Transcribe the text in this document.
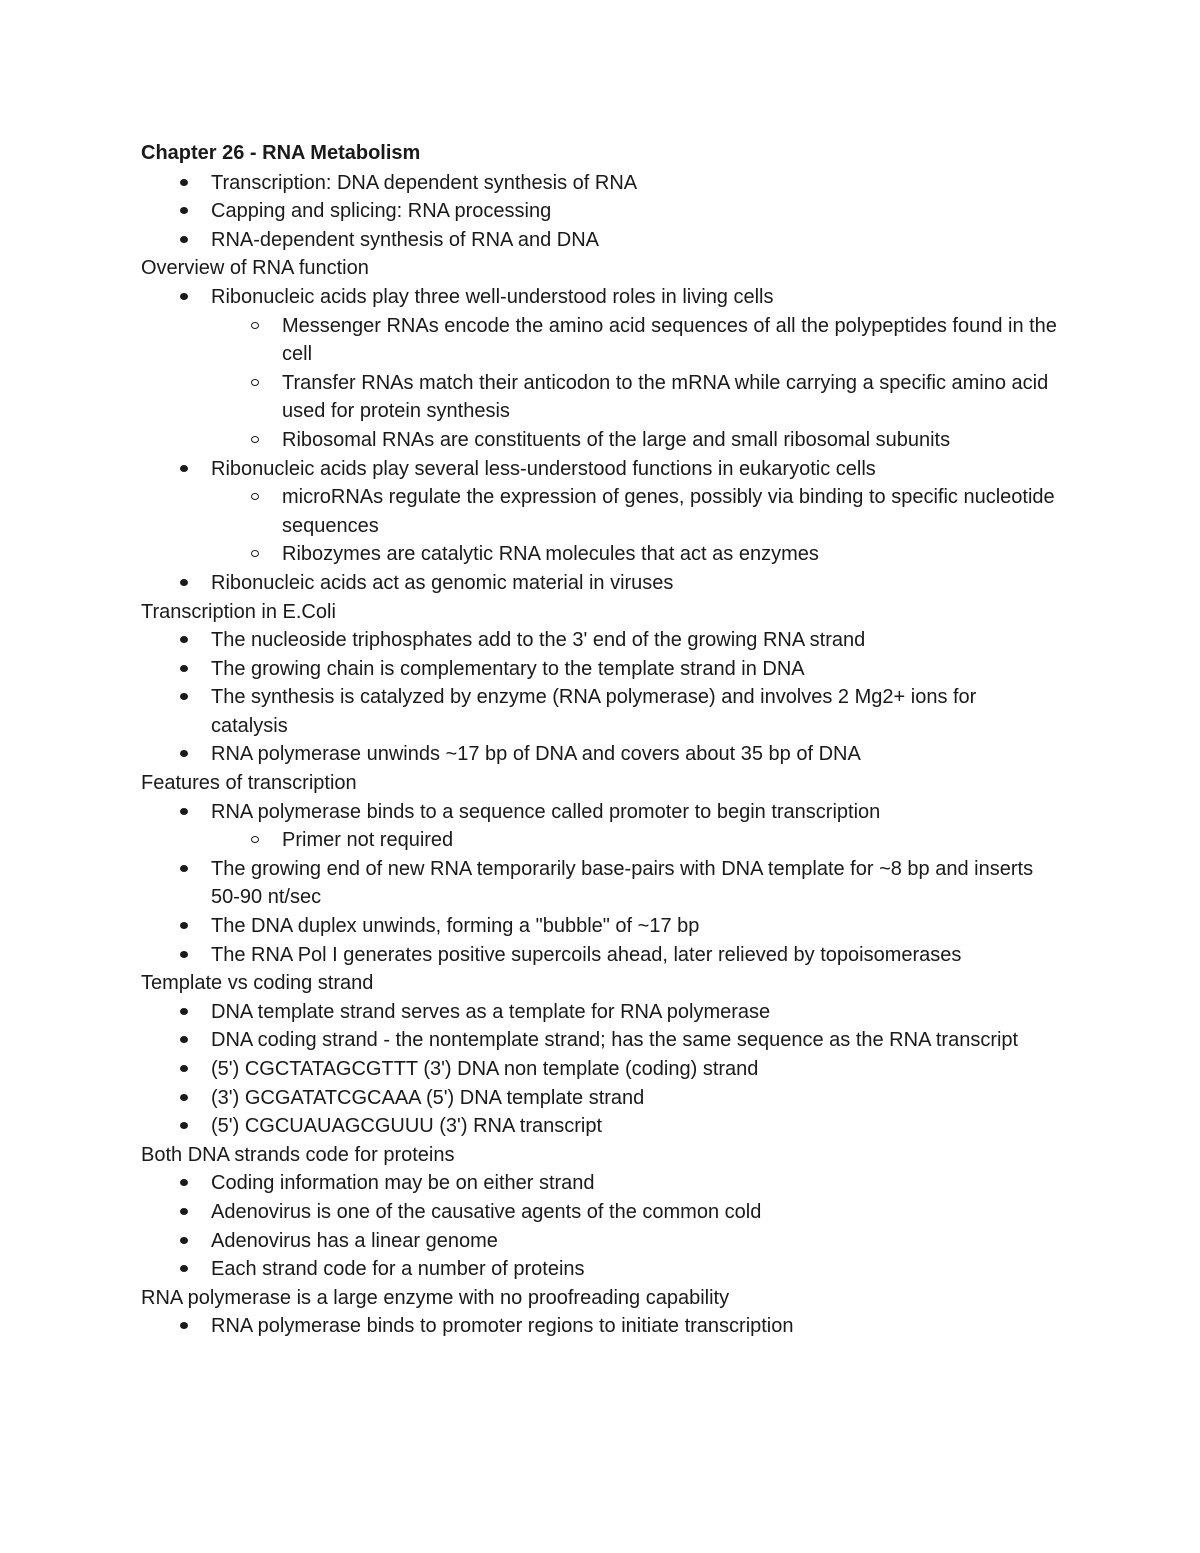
Chapter 26 - RNA Metabolism
Transcription: DNA dependent synthesis of RNA
Capping and splicing: RNA processing
RNA-dependent synthesis of RNA and DNA
Overview of RNA function
Ribonucleic acids play three well-understood roles in living cells
Messenger RNAs encode the amino acid sequences of all the polypeptides found in the cell
Transfer RNAs match their anticodon to the mRNA while carrying a specific amino acid used for protein synthesis
Ribosomal RNAs are constituents of the large and small ribosomal subunits
Ribonucleic acids play several less-understood functions in eukaryotic cells
microRNAs regulate the expression of genes, possibly via binding to specific nucleotide sequences
Ribozymes are catalytic RNA molecules that act as enzymes
Ribonucleic acids act as genomic material in viruses
Transcription in E.Coli
The nucleoside triphosphates add to the 3' end of the growing RNA strand
The growing chain is complementary to the template strand in DNA
The synthesis is catalyzed by enzyme (RNA polymerase) and involves 2 Mg2+ ions for catalysis
RNA polymerase unwinds ~17 bp of DNA and covers about 35 bp of DNA
Features of transcription
RNA polymerase binds to a sequence called promoter to begin transcription
Primer not required
The growing end of new RNA temporarily base-pairs with DNA template for ~8 bp and inserts 50-90 nt/sec
The DNA duplex unwinds, forming a "bubble" of ~17 bp
The RNA Pol I generates positive supercoils ahead, later relieved by topoisomerases
Template vs coding strand
DNA template strand serves as a template for RNA polymerase
DNA coding strand - the nontemplate strand; has the same sequence as the RNA transcript
(5') CGCTATAGCGTTT (3') DNA non template (coding) strand
(3') GCGATATCGCAAA (5') DNA template strand
(5') CGCUAUAGCGUUU (3') RNA transcript
Both DNA strands code for proteins
Coding information may be on either strand
Adenovirus is one of the causative agents of the common cold
Adenovirus has a linear genome
Each strand code for a number of proteins
RNA polymerase is a large enzyme with no proofreading capability
RNA polymerase binds to promoter regions to initiate transcription
